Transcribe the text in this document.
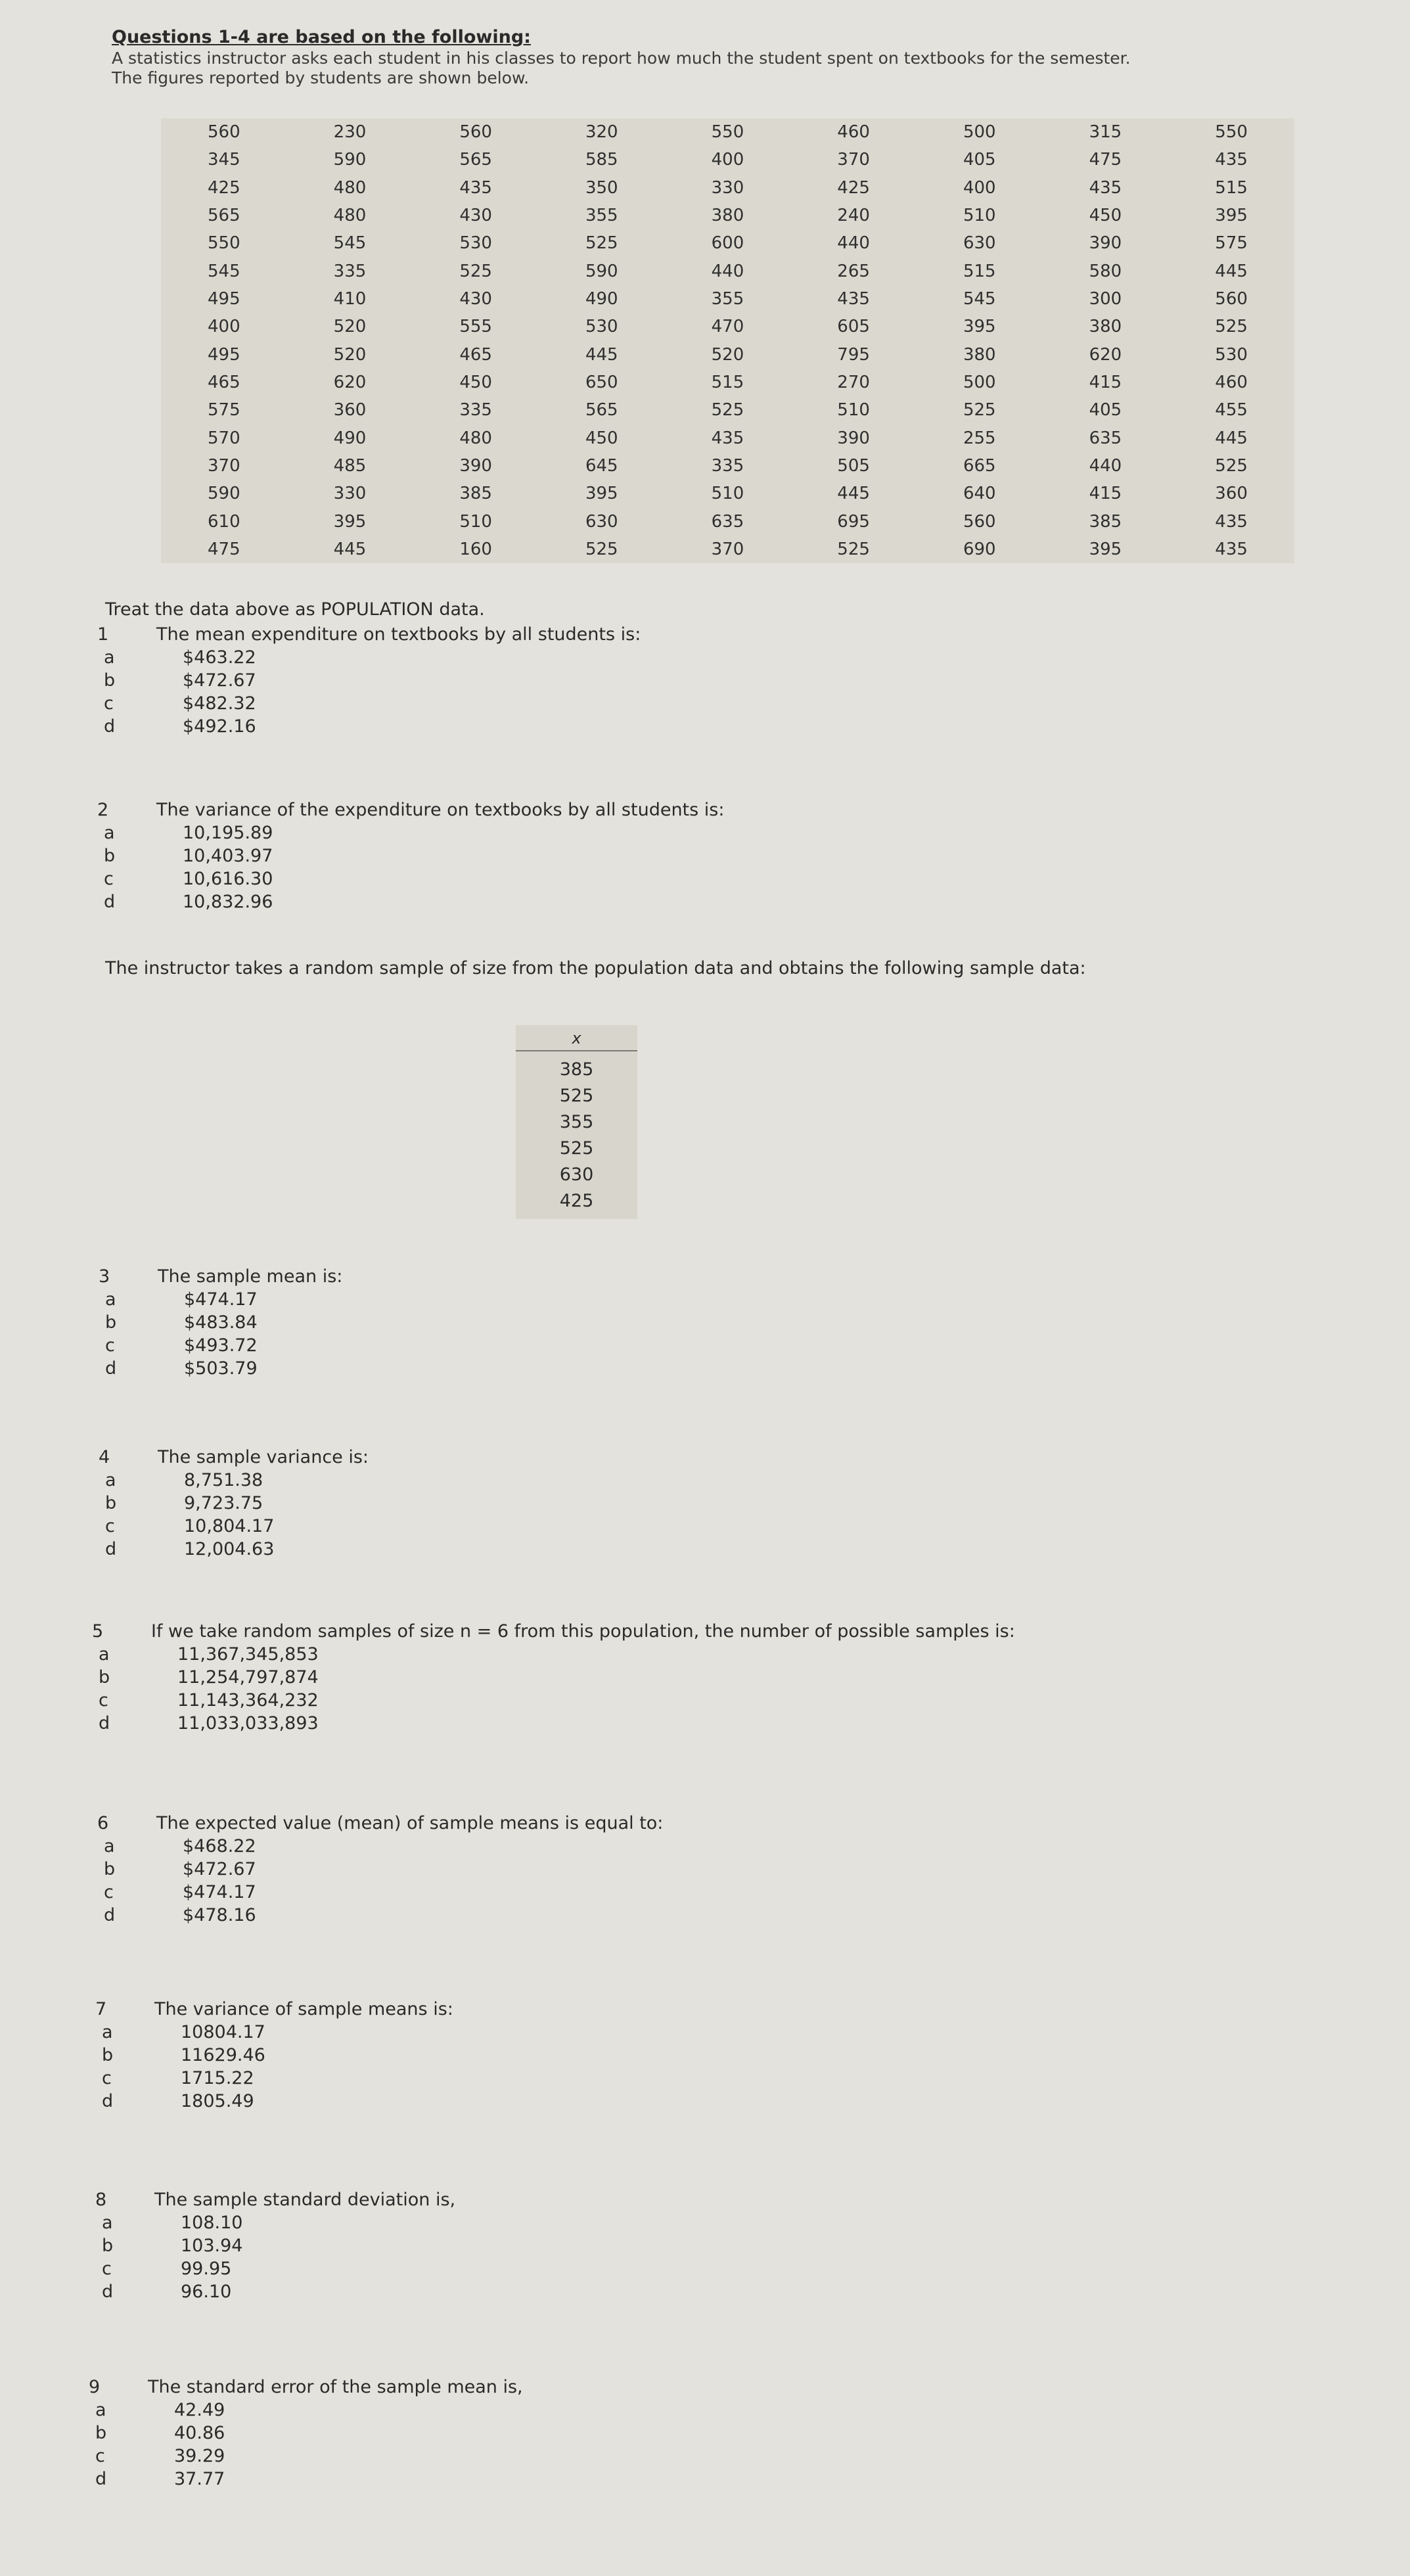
Questions 1-4 are based on the following:
A statistics instructor asks each student in his classes to report how much the student spent on textbooks for the semester.
The figures reported by students are shown below.
560	230	560	320	550	460	500	315	550
345	590	565	585	400	370	405	475	435
425	480	435	350	330	425	400	435	515
565	480	430	355	380	240	510	450	395
550	545	530	525	600	440	630	390	575
545	335	525	590	440	265	515	580	445
495	410	430	490	355	435	545	300	560
400	520	555	530	470	605	395	380	525
495	520	465	445	520	795	380	620	530
465	620	450	650	515	270	500	415	460
575	360	335	565	525	510	525	405	455
570	490	480	450	435	390	255	635	445
370	485	390	645	335	505	665	440	525
590	330	385	395	510	445	640	415	360
610	395	510	630	635	695	560	385	435
475	445	160	525	370	525	690	395	435
Treat the data above as POPULATION data.
The instructor takes a random sample of size from the population data and obtains the following sample data:
x
385
525
355
525
630
425
1	The mean expenditure on textbooks by all students is:
a	$463.22
b	$472.67
c	$482.32
d	$492.16
2	The variance of the expenditure on textbooks by all students is:
a	10,195.89
b	10,403.97
c	10,616.30
d	10,832.96
3	The sample mean is:
a	$474.17
b	$483.84
c	$493.72
d	$503.79
4	The sample variance is:
a	8,751.38
b	9,723.75
c	10,804.17
d	12,004.63
5	If we take random samples of size n = 6 from this population, the number of possible samples is:
a	11,367,345,853
b	11,254,797,874
c	11,143,364,232
d	11,033,033,893
6	The expected value (mean) of sample means is equal to:
a	$468.22
b	$472.67
c	$474.17
d	$478.16
7	The variance of sample means is:
a	10804.17
b	11629.46
c	1715.22
d	1805.49
8	The sample standard deviation is,
a	108.10
b	103.94
c	99.95
d	96.10
9	The standard error of the sample mean is,
a	42.49
b	40.86
c	39.29
d	37.77
